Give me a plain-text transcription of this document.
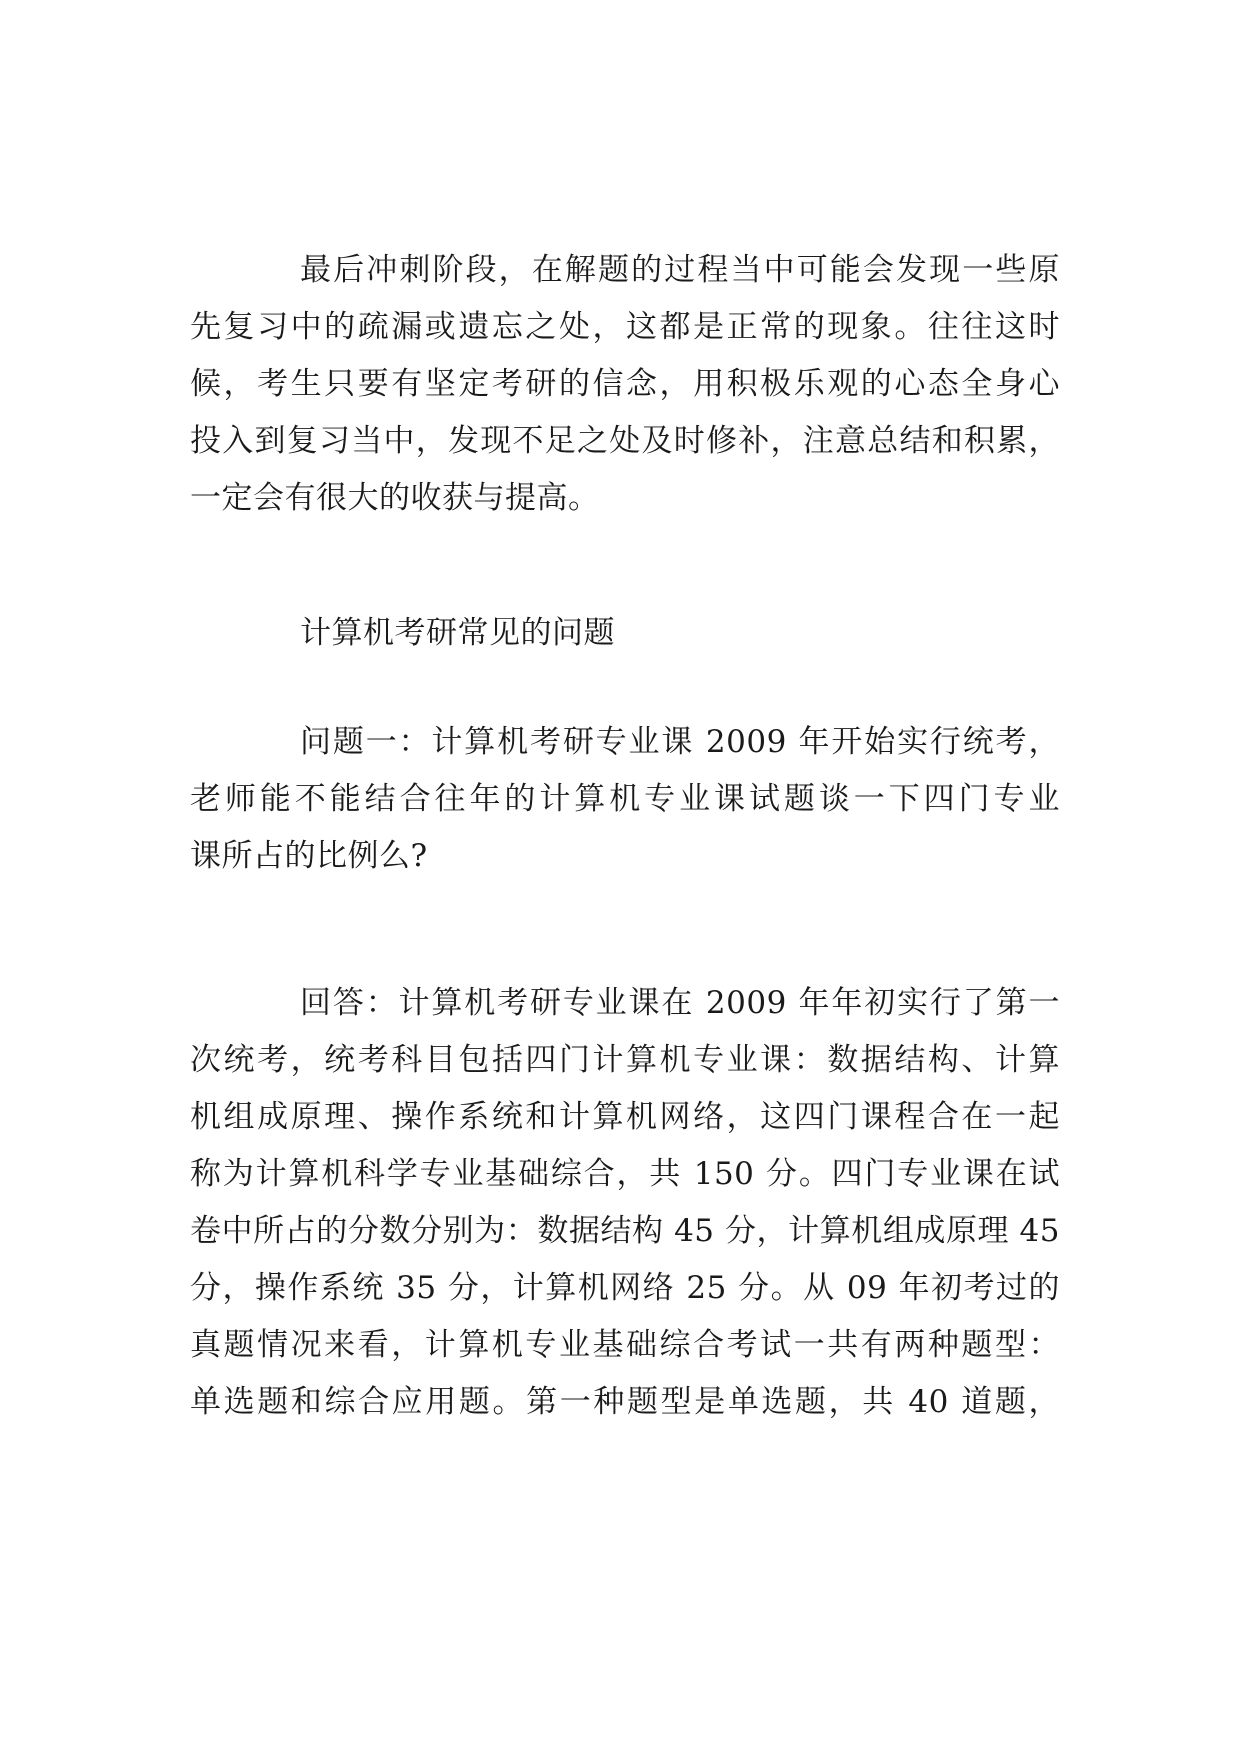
最后冲刺阶段，在解题的过程当中可能会发现一些原
先复习中的疏漏或遗忘之处，这都是正常的现象。往往这时
候，考生只要有坚定考研的信念，用积极乐观的心态全身心
投入到复习当中，发现不足之处及时修补，注意总结和积累，
一定会有很大的收获与提高。
计算机考研常见的问题
问题一：计算机考研专业课 2009 年开始实行统考，
老师能不能结合往年的计算机专业课试题谈一下四门专业
课所占的比例么?
回答：计算机考研专业课在 2009 年年初实行了第一
次统考，统考科目包括四门计算机专业课：数据结构、计算
机组成原理、操作系统和计算机网络，这四门课程合在一起
称为计算机科学专业基础综合，共 150 分。四门专业课在试
卷中所占的分数分别为：数据结构 45 分，计算机组成原理 45
分，操作系统 35 分，计算机网络 25 分。从 09 年初考过的
真题情况来看，计算机专业基础综合考试一共有两种题型：
单选题和综合应用题。第一种题型是单选题，共 40 道题，
